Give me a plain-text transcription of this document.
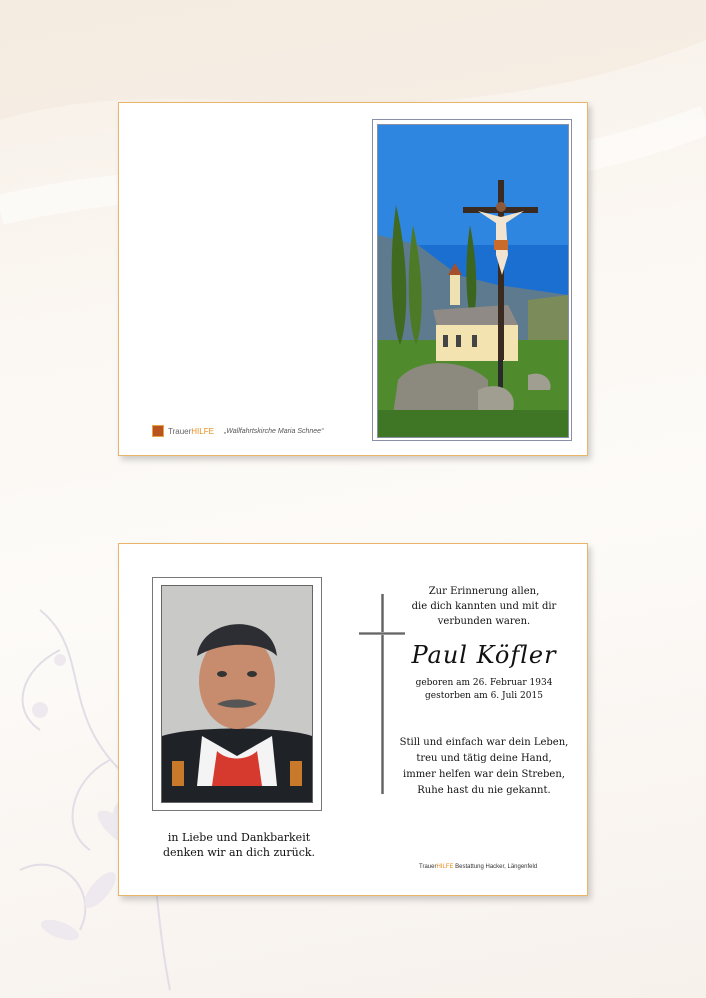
TrauerHILFE „Wallfahrtskirche Maria Schnee“
in Liebe und Dankbarkeit
denken wir an dich zurück.
Zur Erinnerung allen,
die dich kannten und mit dir
verbunden waren.
Paul Köfler
geboren am 26. Februar 1934
gestorben am 6. Juli 2015
Still und einfach war dein Leben,
treu und tätig deine Hand,
immer helfen war dein Streben,
Ruhe hast du nie gekannt.
TrauerHILFE Bestattung Hacker, Längenfeld
